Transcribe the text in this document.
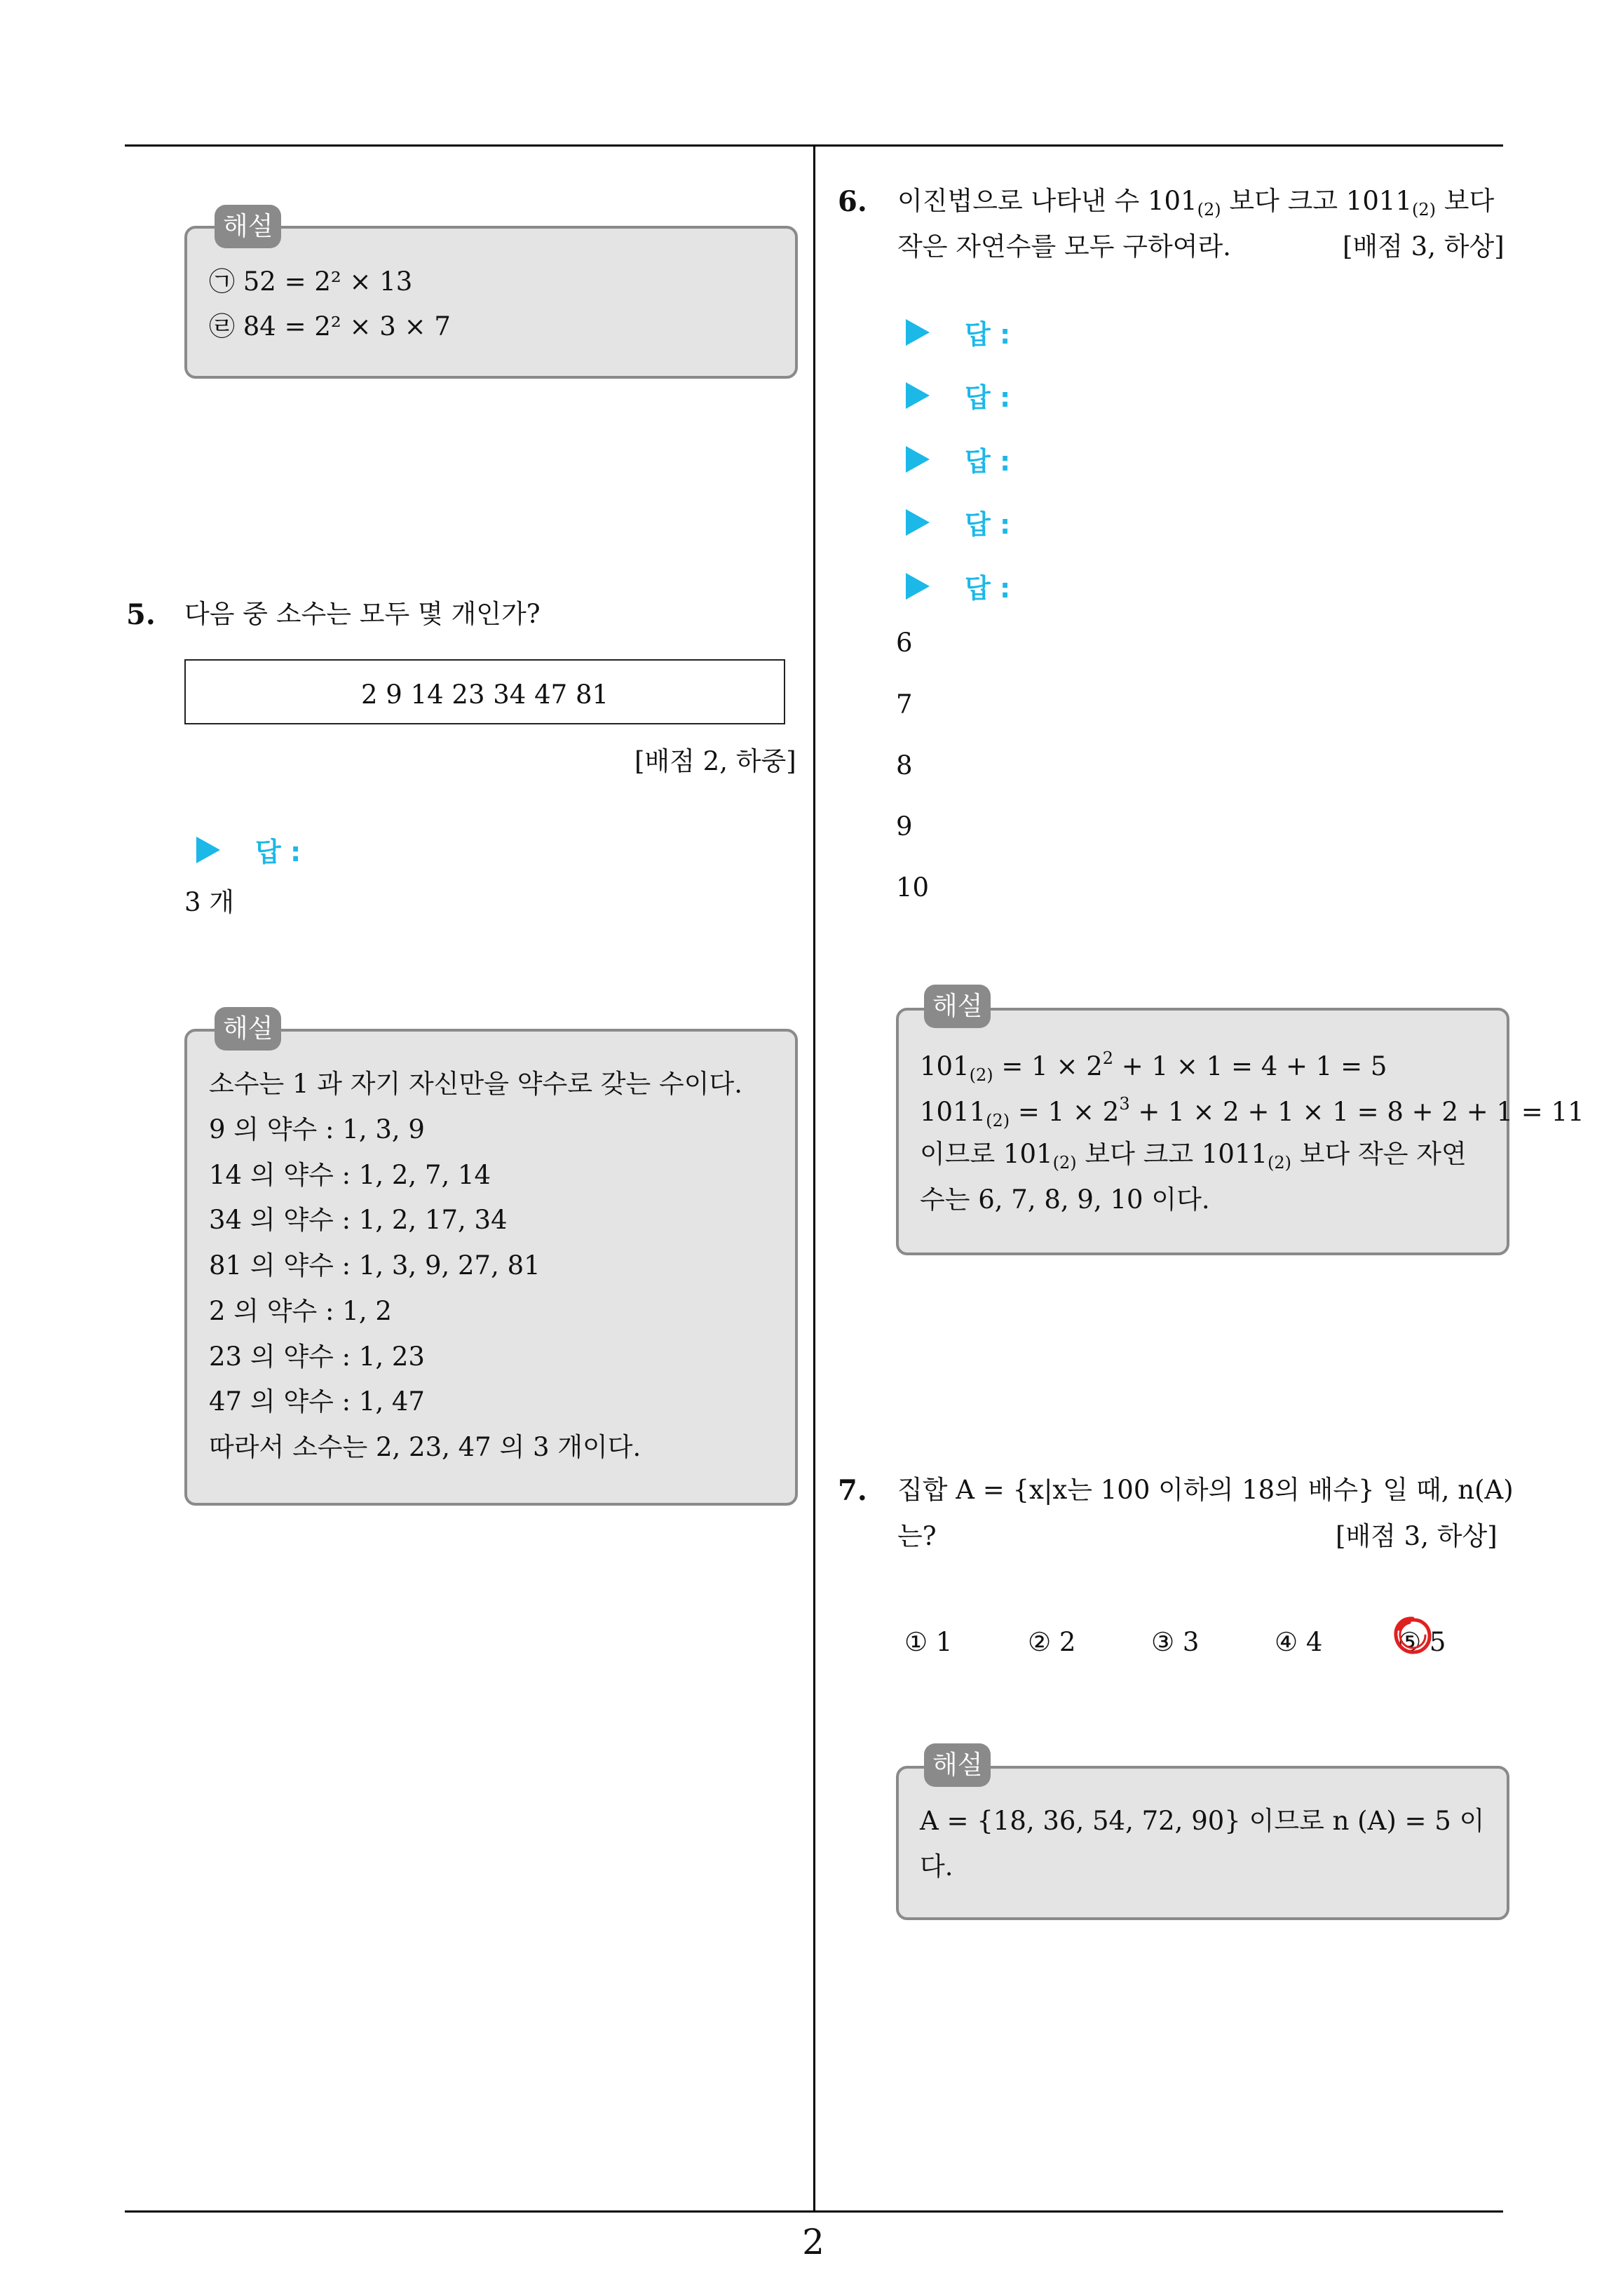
2
해설
㉠ 52 = 2² × 13
㉣ 84 = 2² × 3 × 7
5. 다음 중 소수는 모두 몇 개인가?
2 9 14 23 34 47 81
[배점 2, 하중]
답 :
3 개
해설
소수는 1 과 자기 자신만을 약수로 갖는 수이다.
9 의 약수 : 1, 3, 9
14 의 약수 : 1, 2, 7, 14
34 의 약수 : 1, 2, 17, 34
81 의 약수 : 1, 3, 9, 27, 81
2 의 약수 : 1, 2
23 의 약수 : 1, 23
47 의 약수 : 1, 47
따라서 소수는 2, 23, 47 의 3 개이다.
6. 이진법으로 나타낸 수 $101_{(2)}$ 보다 크고 $1011_{(2)}$ 보다
작은 자연수를 모두 구하여라.	[배점 3, 하상]
답 :
답 :
답 :
답 :
답 :
6
7
8
9
10
해설
$101_{(2)} = 1 \times 2^2 + 1 \times 1 = 4 + 1 = 5$
$1011_{(2)} = 1 \times 2^3 + 1 \times 2 + 1 \times 1 = 8 + 2 + 1 = 11$
이므로 $101_{(2)}$ 보다 크고 $1011_{(2)}$ 보다 작은 자연
수는 6, 7, 8, 9, 10 이다.
7. 집합 A = {x|x는 100 이하의 18의 배수} 일 때, n(A)
는?	[배점 3, 하상]
① 1	② 2	③ 3	④ 4	⑤ 5
해설
A = {18, 36, 54, 72, 90} 이므로 n (A) = 5 이
다.
